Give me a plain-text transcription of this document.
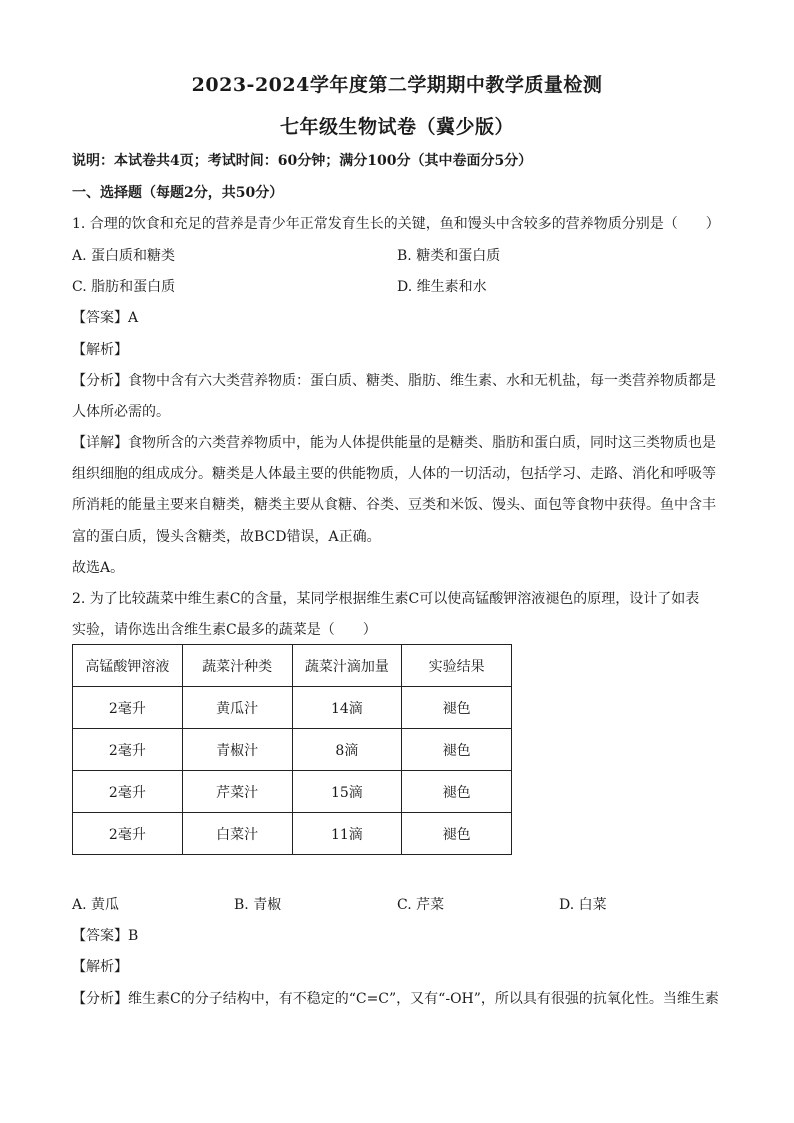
2023-2024学年度第二学期期中教学质量检测
七年级生物试卷（冀少版）
说明：本试卷共4页；考试时间：60分钟；满分100分（其中卷面分5分）
一、选择题（每题2分，共50分）
1. 合理的饮食和充足的营养是青少年正常发育生长的关键，鱼和馒头中含较多的营养物质分别是（　　）
A. 蛋白质和糖类	B. 糖类和蛋白质
C. 脂肪和蛋白质	D. 维生素和水
【答案】A
【解析】
【分析】食物中含有六大类营养物质：蛋白质、糖类、脂肪、维生素、水和无机盐，每一类营养物质都是
人体所必需的。
【详解】食物所含的六类营养物质中，能为人体提供能量的是糖类、脂肪和蛋白质，同时这三类物质也是
组织细胞的组成成分。糖类是人体最主要的供能物质，人体的一切活动，包括学习、走路、消化和呼吸等
所消耗的能量主要来自糖类，糖类主要从食糖、谷类、豆类和米饭、馒头、面包等食物中获得。鱼中含丰
富的蛋白质，馒头含糖类，故BCD错误，A正确。
故选A。
2. 为了比较蔬菜中维生素C的含量，某同学根据维生素C可以使高锰酸钾溶液褪色的原理，设计了如表
实验，请你选出含维生素C最多的蔬菜是（　　）
高锰酸钾溶液	蔬菜汁种类	蔬菜汁滴加量	实验结果
2毫升	黄瓜汁	14滴	褪色
2毫升	青椒汁	8滴	褪色
2毫升	芹菜汁	15滴	褪色
2毫升	白菜汁	11滴	褪色
A. 黄瓜	B. 青椒	C. 芹菜	D. 白菜
【答案】B
【解析】
【分析】维生素C的分子结构中，有不稳定的“C=C”，又有“-OH”，所以具有很强的抗氧化性。当维生素
